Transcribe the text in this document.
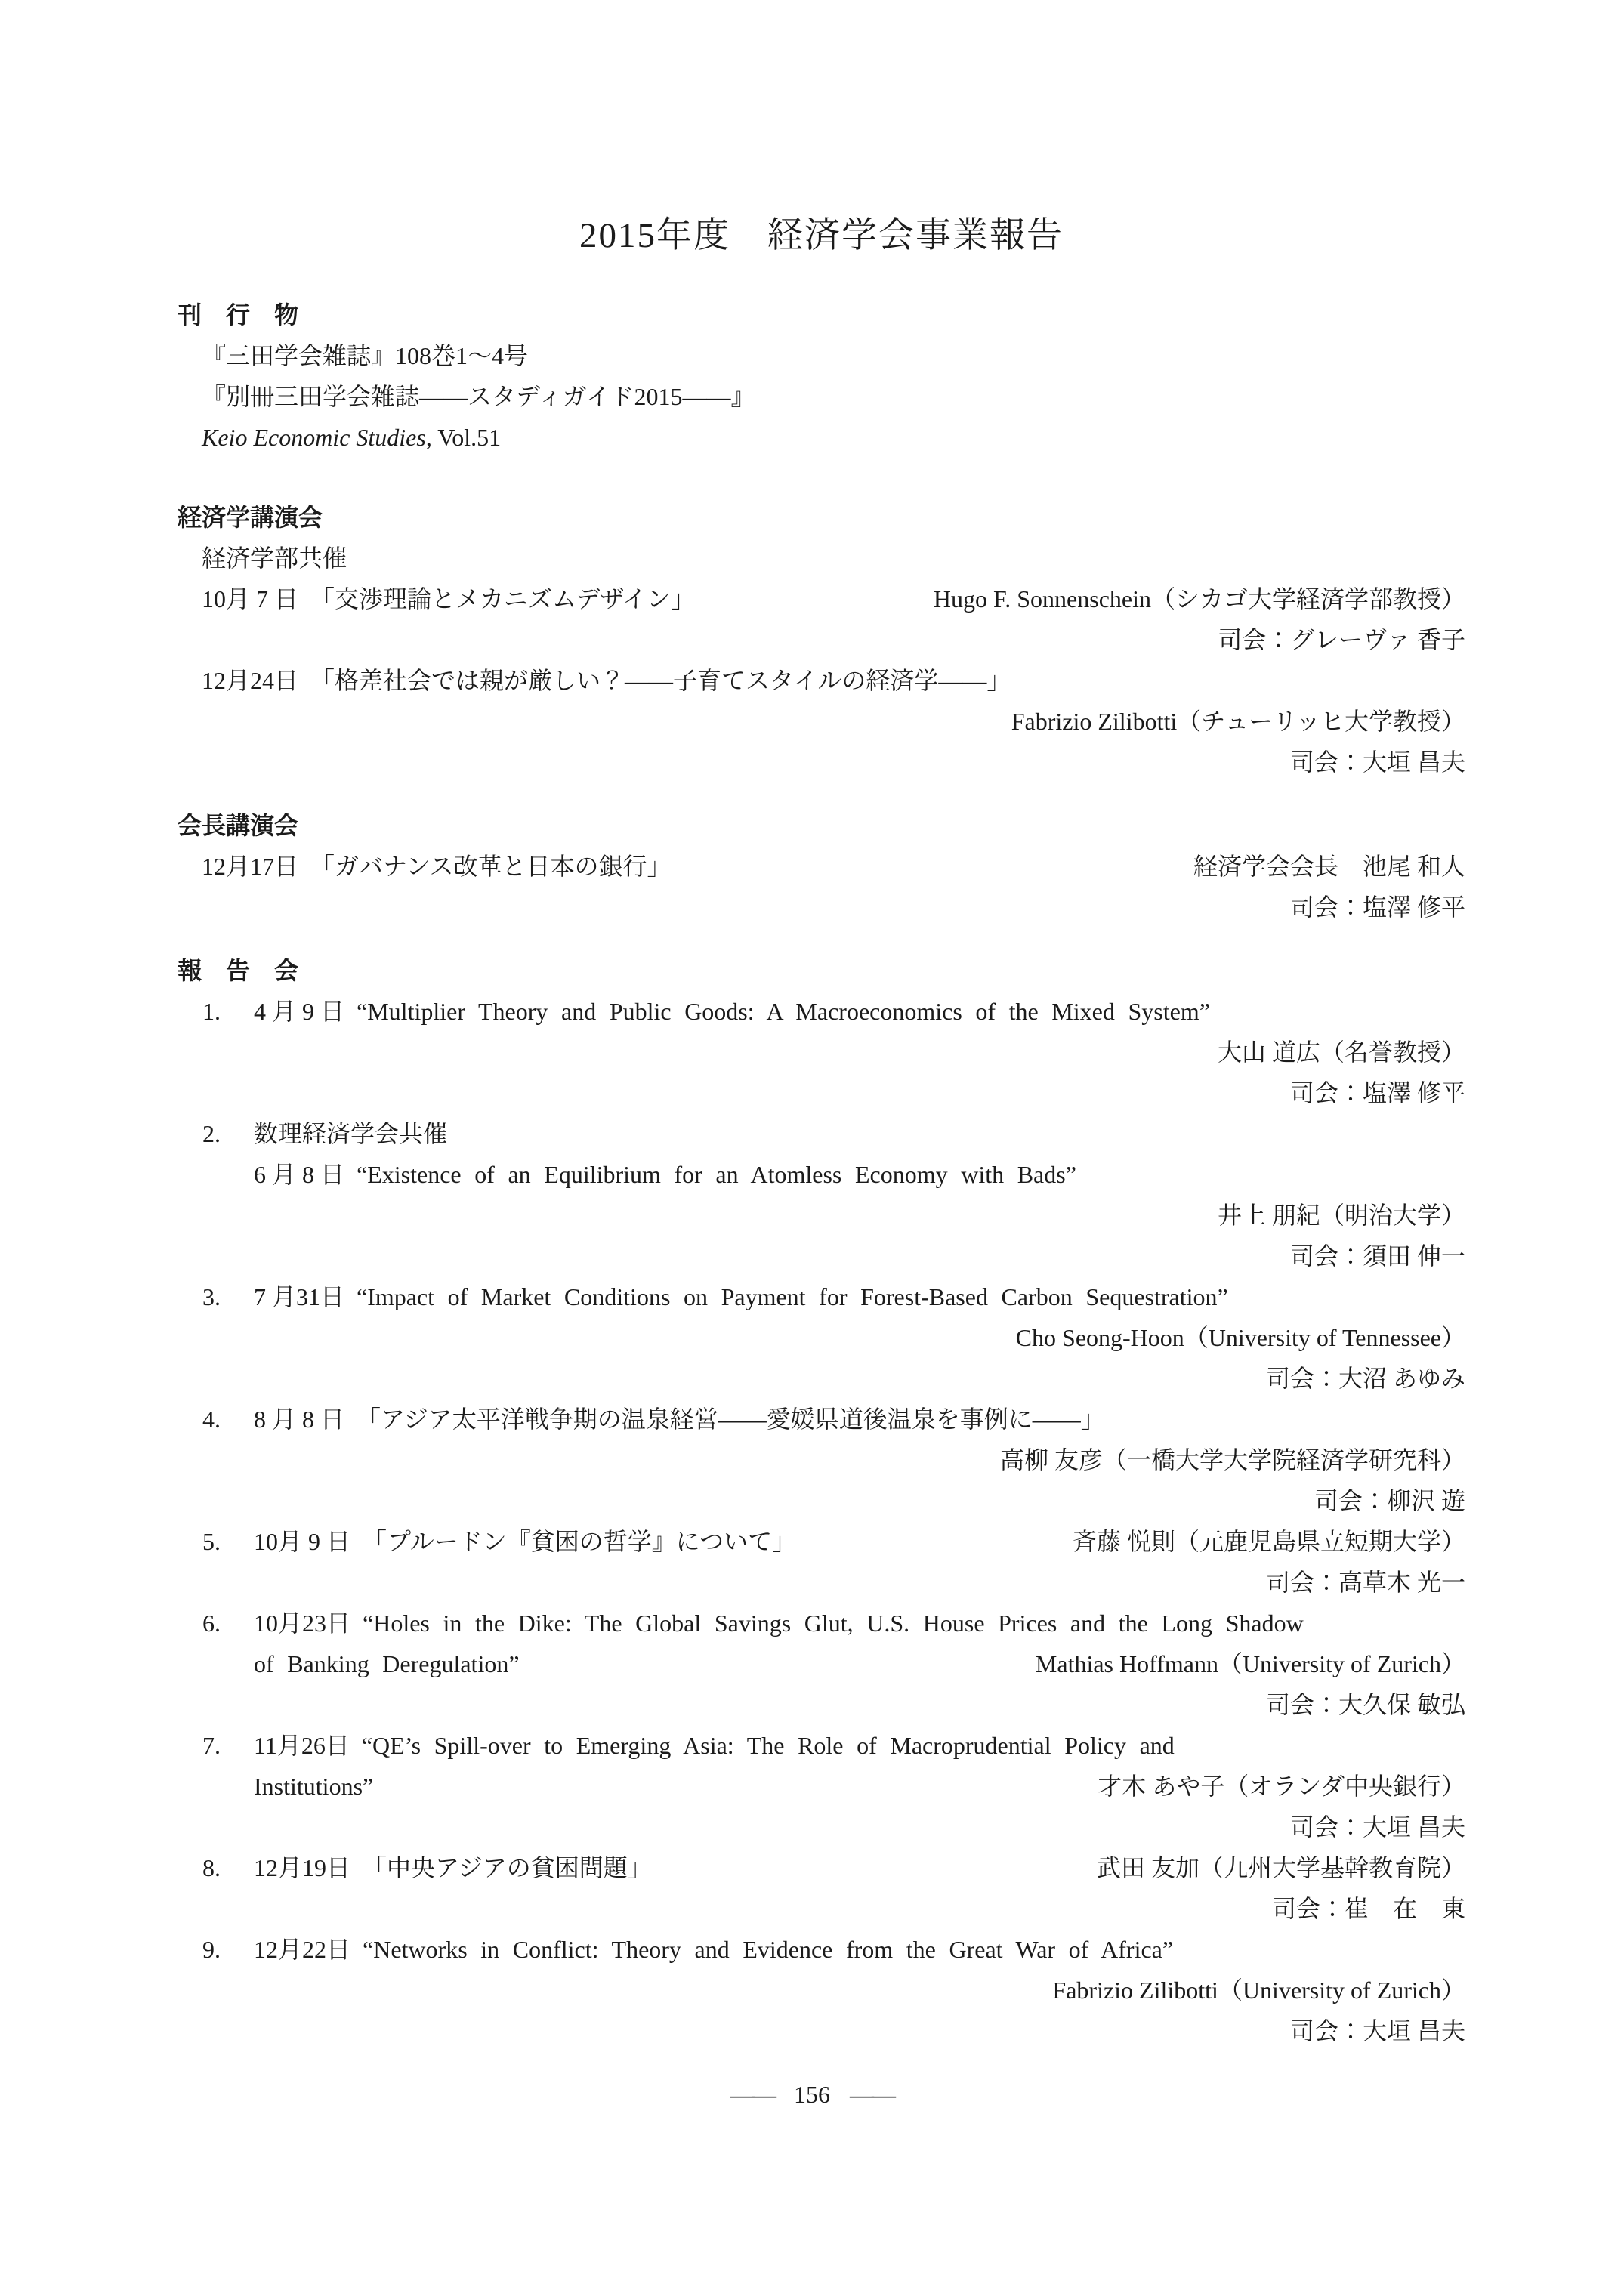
2015年度　経済学会事業報告
刊　行　物
『三田学会雑誌』108巻1～4号
『別冊三田学会雑誌——スタディガイド2015——』
Keio Economic Studies, Vol.51
経済学講演会
経済学部共催
10月 7 日 「交渉理論とメカニズムデザイン」	Hugo F. Sonnenschein（シカゴ大学経済学部教授）
司会：グレーヴァ 香子
12月24日 「格差社会では親が厳しい？——子育てスタイルの経済学——」
Fabrizio Zilibotti（チューリッヒ大学教授）
司会：大垣 昌夫
会長講演会
12月17日 「ガバナンス改革と日本の銀行」	経済学会会長　池尾 和人
司会：塩澤 修平
報　告　会
1. 4 月 9 日 “Multiplier Theory and Public Goods: A Macroeconomics of the Mixed System”
大山 道広（名誉教授）
司会：塩澤 修平
2. 数理経済学会共催
6 月 8 日 “Existence of an Equilibrium for an Atomless Economy with Bads”
井上 朋紀（明治大学）
司会：須田 伸一
3. 7 月31日 “Impact of Market Conditions on Payment for Forest-Based Carbon Sequestration”
Cho Seong-Hoon（University of Tennessee）
司会：大沼 あゆみ
4. 8 月 8 日 「アジア太平洋戦争期の温泉経営——愛媛県道後温泉を事例に——」
高柳 友彦（一橋大学大学院経済学研究科）
司会：柳沢 遊
5. 10月 9 日 「プルードン『貧困の哲学』について」	斉藤 悦則（元鹿児島県立短期大学）
司会：高草木 光一
6. 10月23日 “Holes in the Dike: The Global Savings Glut, U.S. House Prices and the Long Shadow
of Banking Deregulation”	Mathias Hoffmann（University of Zurich）
司会：大久保 敏弘
7. 11月26日 “QE’s Spill-over to Emerging Asia: The Role of Macroprudential Policy and
Institutions”	才木 あや子（オランダ中央銀行）
司会：大垣 昌夫
8. 12月19日 「中央アジアの貧困問題」	武田 友加（九州大学基幹教育院）
司会：崔　在　東
9. 12月22日 “Networks in Conflict: Theory and Evidence from the Great War of Africa”
Fabrizio Zilibotti（University of Zurich）
司会：大垣 昌夫
—— 156 ——
